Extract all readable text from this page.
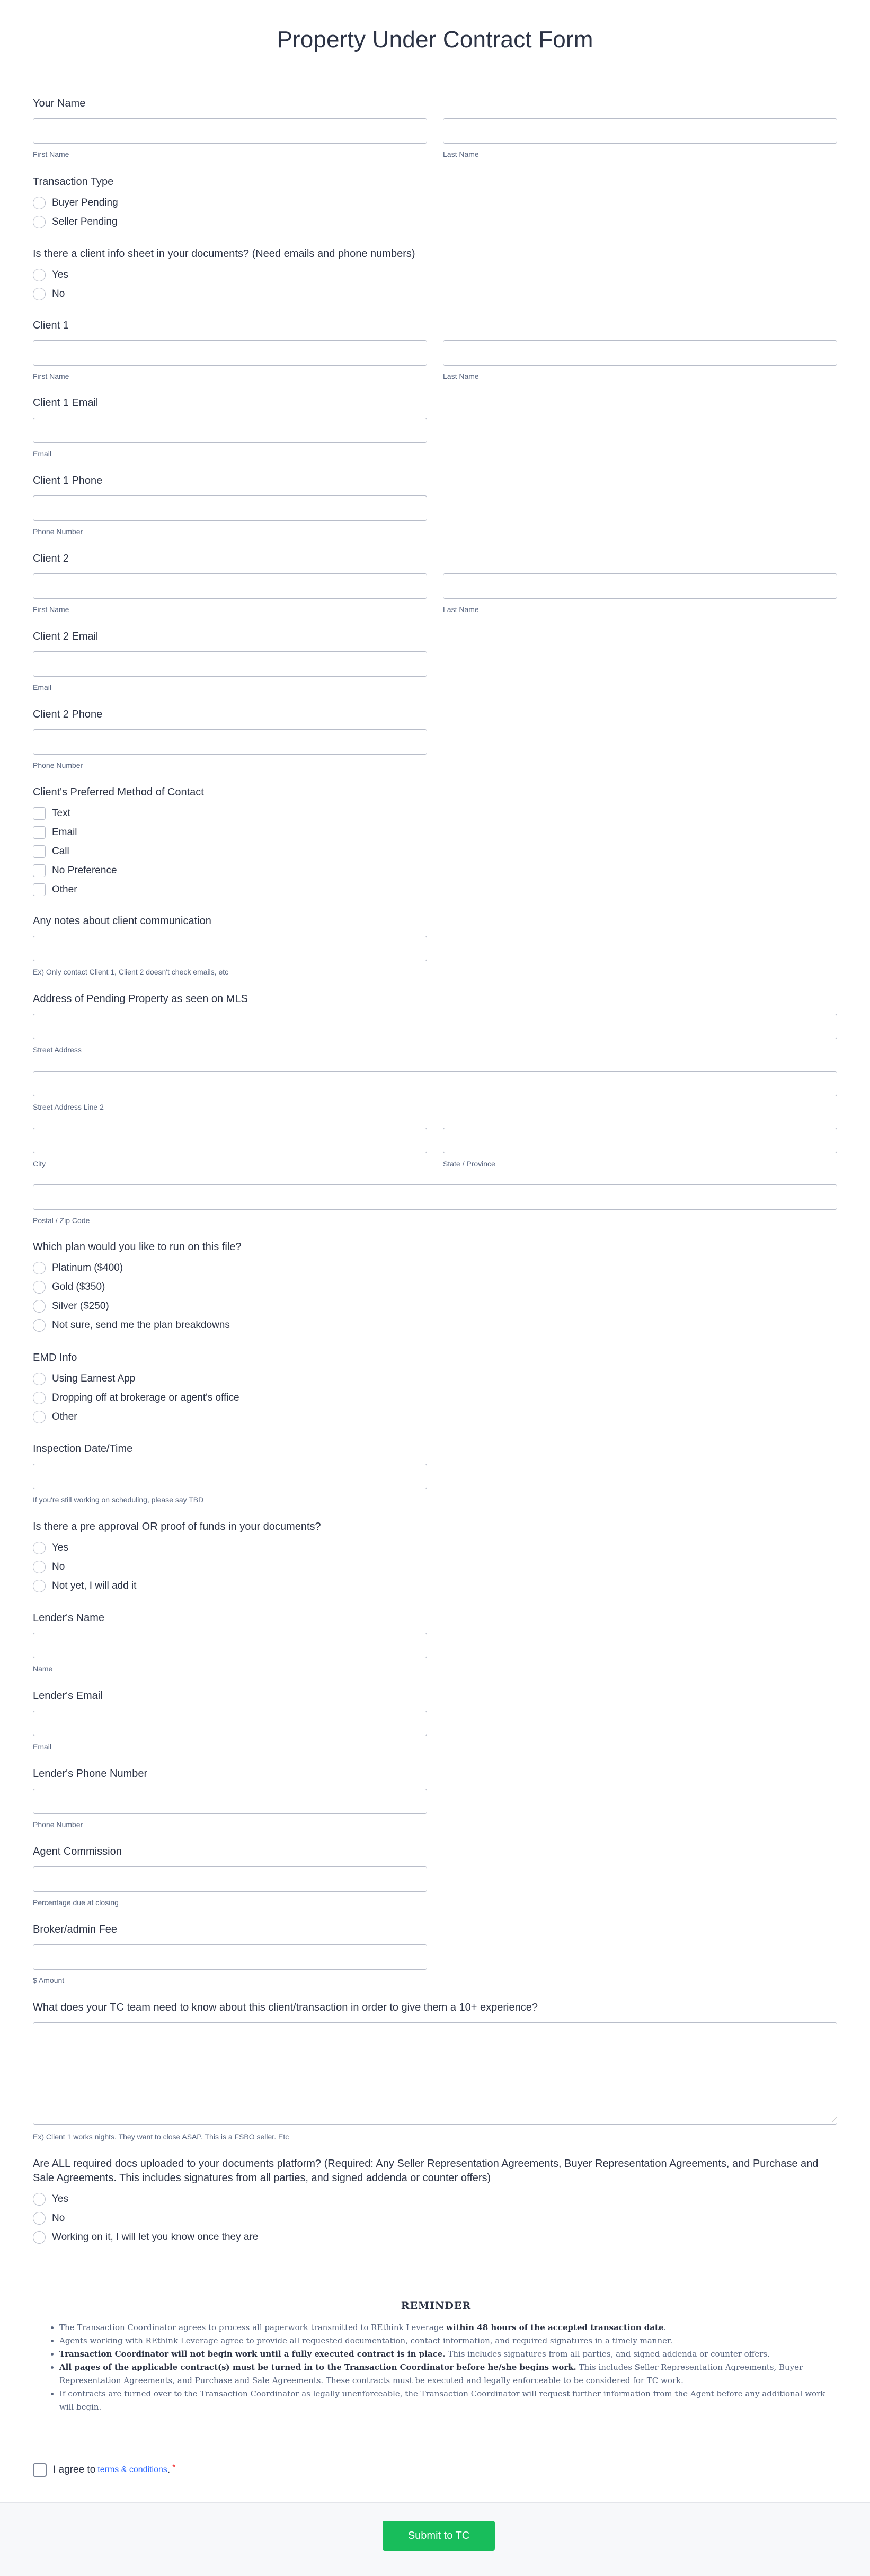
Property Under Contract Form
Your Name
First Name	Last Name
Transaction Type
Buyer Pending
Seller Pending
Is there a client info sheet in your documents? (Need emails and phone numbers)
Yes
No
Client 1
First Name	Last Name
Client 1 Email
Email
Client 1 Phone
Phone Number
Client 2
First Name	Last Name
Client 2 Email
Email
Client 2 Phone
Phone Number
Client's Preferred Method of Contact
Text
Email
Call
No Preference
Other
Any notes about client communication
Ex) Only contact Client 1, Client 2 doesn't check emails, etc
Address of Pending Property as seen on MLS
Street Address
Street Address Line 2
City	State / Province
Postal / Zip Code
Which plan would you like to run on this file?
Platinum ($400)
Gold ($350)
Silver ($250)
Not sure, send me the plan breakdowns
EMD Info
Using Earnest App
Dropping off at brokerage or agent's office
Other
Inspection Date/Time
If you're still working on scheduling, please say TBD
Is there a pre approval OR proof of funds in your documents?
Yes
No
Not yet, I will add it
Lender's Name
Name
Lender's Email
Email
Lender's Phone Number
Phone Number
Agent Commission
Percentage due at closing
Broker/admin Fee
$ Amount
What does your TC team need to know about this client/transaction in order to give them a 10+ experience?
Ex) Client 1 works nights. They want to close ASAP. This is a FSBO seller. Etc
Are ALL required docs uploaded to your documents platform? (Required: Any Seller Representation Agreements, Buyer Representation Agreements, and Purchase and Sale Agreements. This includes signatures from all parties, and signed addenda or counter offers)
Yes
No
Working on it, I will let you know once they are
REMINDER
• The Transaction Coordinator agrees to process all paperwork transmitted to REthink Leverage within 48 hours of the accepted transaction date.
• Agents working with REthink Leverage agree to provide all requested documentation, contact information, and required signatures in a timely manner.
• Transaction Coordinator will not begin work until a fully executed contract is in place. This includes signatures from all parties, and signed addenda or counter offers.
• All pages of the applicable contract(s) must be turned in to the Transaction Coordinator before he/she begins work. This includes Seller Representation Agreements, Buyer Representation Agreements, and Purchase and Sale Agreements. These contracts must be executed and legally enforceable to be considered for TC work.
• If contracts are turned over to the Transaction Coordinator as legally unenforceable, the Transaction Coordinator will request further information from the Agent before any additional work will begin.
I agree to terms & conditions . *
Submit to TC
